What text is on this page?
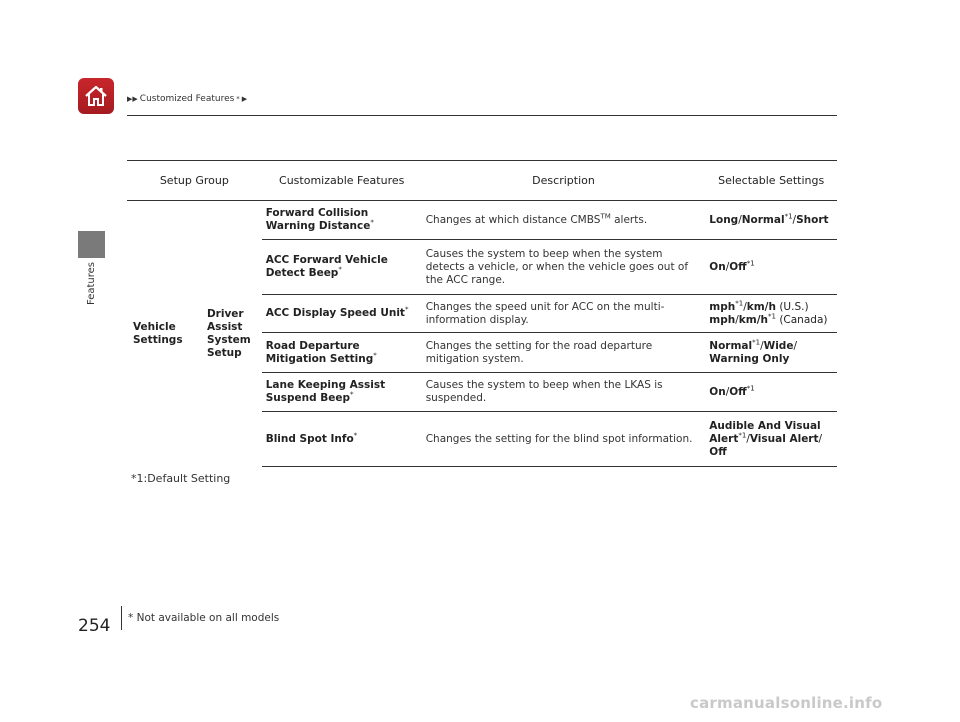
▶▶ Customized Features * ▶
Features
Setup Group		Customizable Features	Description	Selectable Settings
Vehicle Settings	Driver Assist System Setup	Forward Collision Warning Distance*	Changes at which distance CMBS™ alerts.	Long/Normal$^{*1}$/Short
		ACC Forward Vehicle Detect Beep*	Causes the system to beep when the system detects a vehicle, or when the vehicle goes out of the ACC range.	On/Off$^{*1}$
		ACC Display Speed Unit*	Changes the speed unit for ACC on the multi-information display.	mph$^{*1}$/km/h (U.S.)
mph/$km/h^{*1}$ (Canada)
		Road Departure Mitigation Setting*	Changes the setting for the road departure mitigation system.	Normal$^{*1}$/Wide/
Warning Only
		Lane Keeping Assist Suspend Beep*	Causes the system to beep when the LKAS is suspended.	On/Off$^{*1}$
		Blind Spot Info*	Changes the setting for the blind spot information.	Audible And Visual
Alert$^{*1}$/Visual Alert/
Off
*1:Default Setting
254	* Not available on all models
carmanualsonline.info
